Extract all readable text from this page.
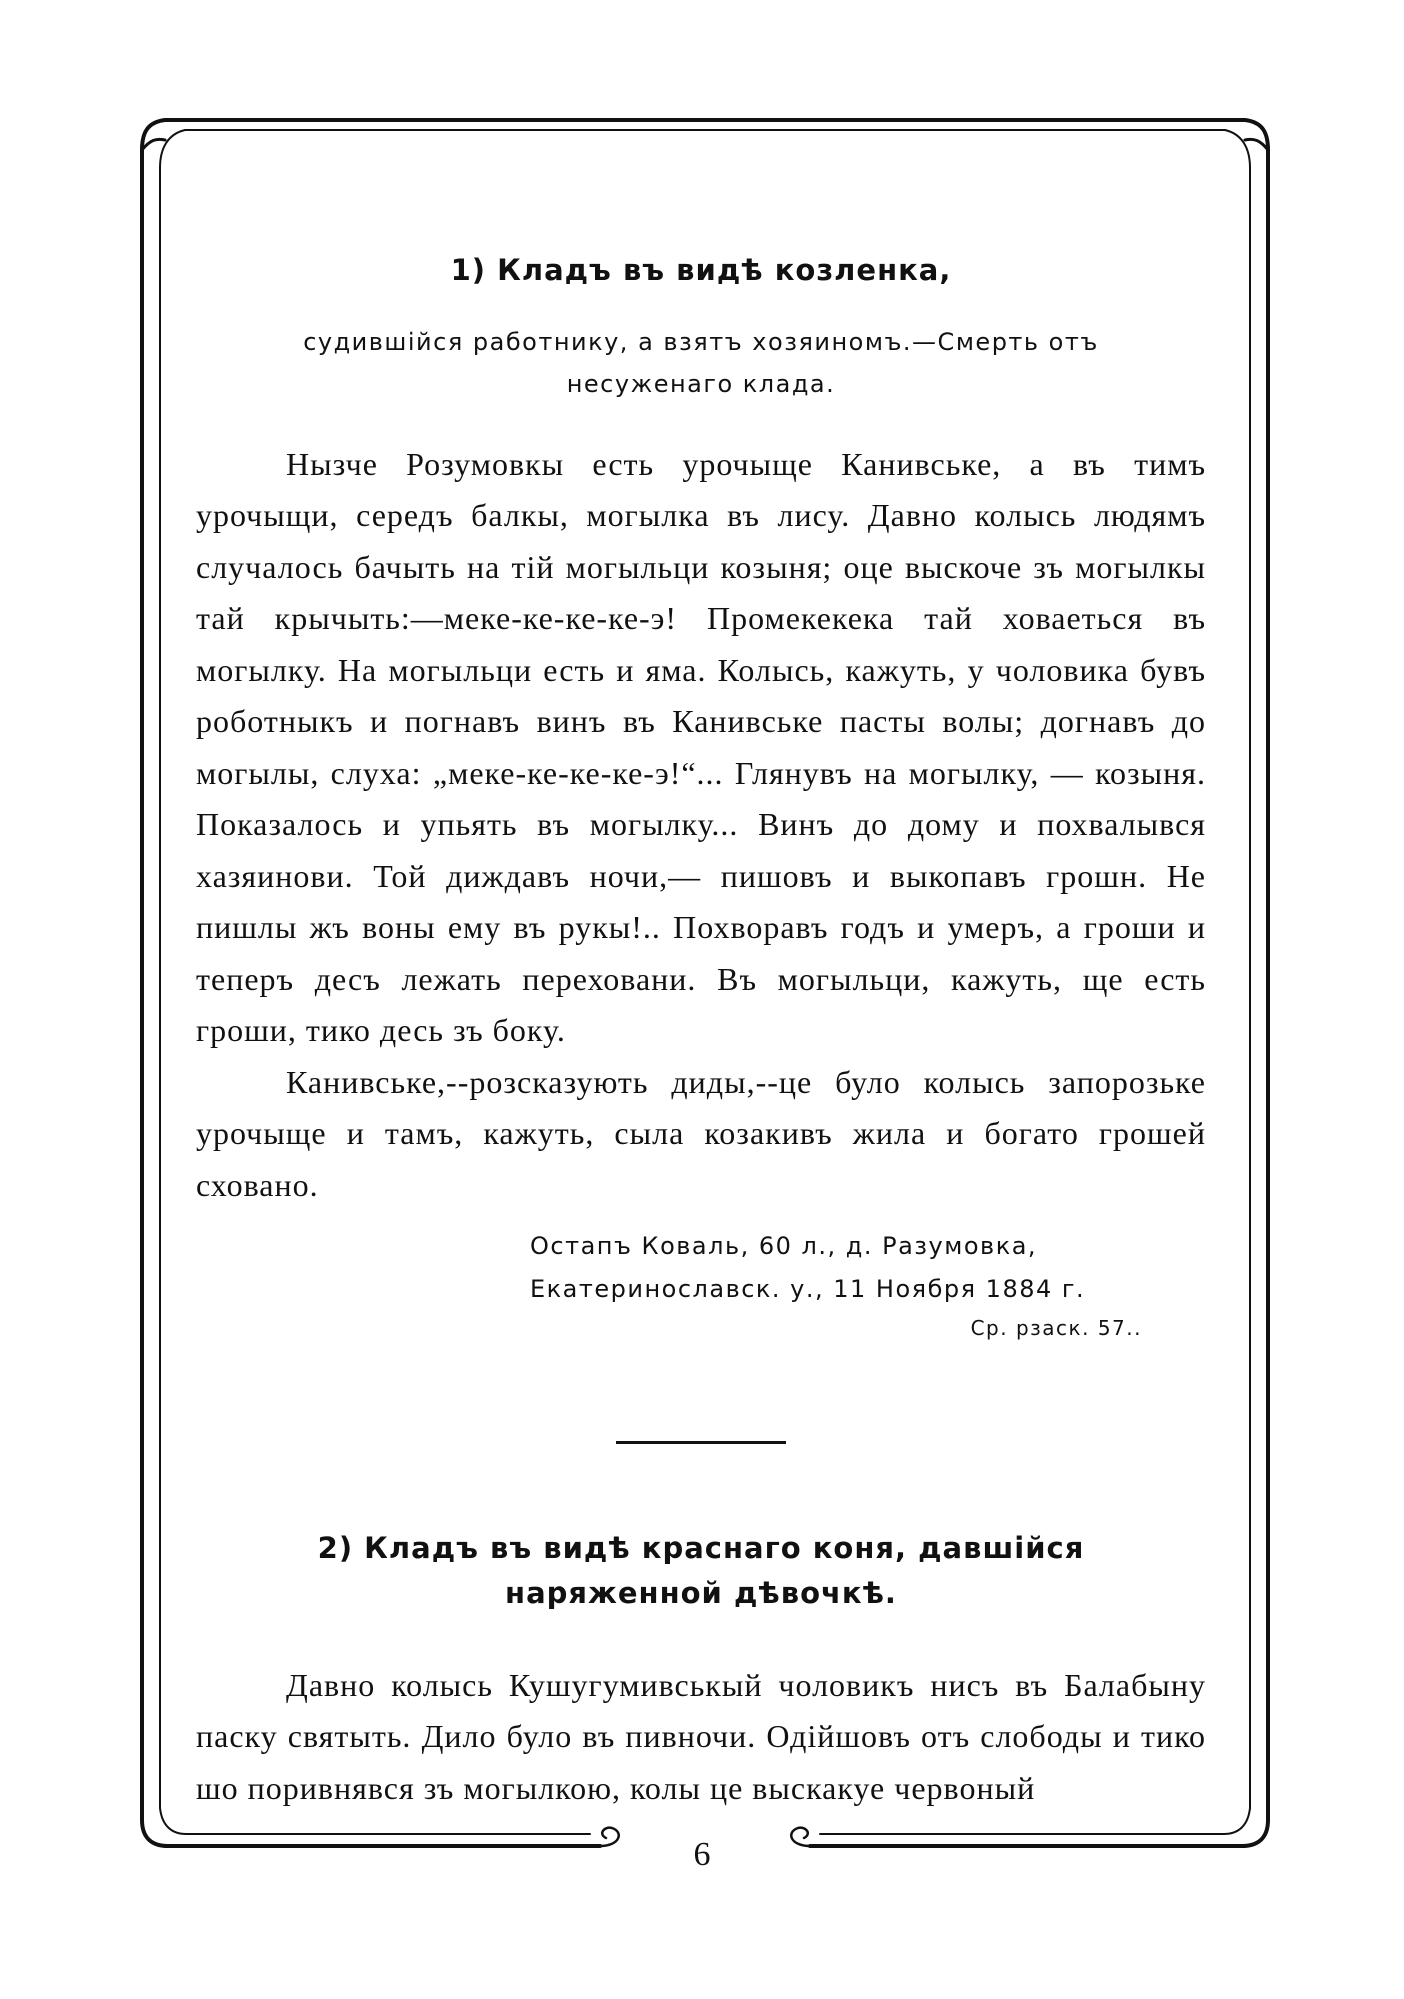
1) Кладъ въ видѣ козленка,

судившійся работнику, а взятъ хозяиномъ.—Смерть отъ несуженаго клада.

Нызче Розумовкы есть урочыще Канивське, а въ тимъ урочыщи, середъ балкы, могылка въ лису. Давно колысь людямъ случалось бачыть на тій могыльци козыня; оце выскоче зъ могылкы тай крычыть:—меке-ке-ке-ке-э! Промекекека тай ховаеться въ могылку. На могыльци есть и яма. Колысь, кажуть, у чоловика бувъ роботныкъ и погнавъ винъ въ Канивське пасты волы; догнавъ до могылы, слуха: „меке-ке-ке-ке-э!“... Глянувъ на могылку, — козыня. Показалось и упьять въ могылку... Винъ до дому и похвалывся хазяинови. Той диждавъ ночи,— пишовъ и выкопавъ грошн. Не пишлы жъ воны ему въ рукы!.. Похворавъ годъ и умеръ, а гроши и теперъ десъ лежать переховани. Въ могыльци, кажуть, ще есть гроши, тико десь зъ боку.

Канивське,--розсказують диды,--це було колысь запорозьке урочыще и тамъ, кажуть, сыла козакивъ жила и богато грошей сховано.

Остапъ Коваль, 60 л., д. Разумовка, Екатеринославск. у., 11 Ноября 1884 г.

Ср. рзаск. 57..

2) Кладъ въ видѣ краснаго коня, давшійся наряженной дѣвочкѣ.

Давно колысь Кушугумивськый чоловикъ нисъ въ Балабыну паску святыть. Дило було въ пивночи. Одійшовъ отъ слободы и тико шо поривнявся зъ могылкою, колы це выскакуе червоный

6
